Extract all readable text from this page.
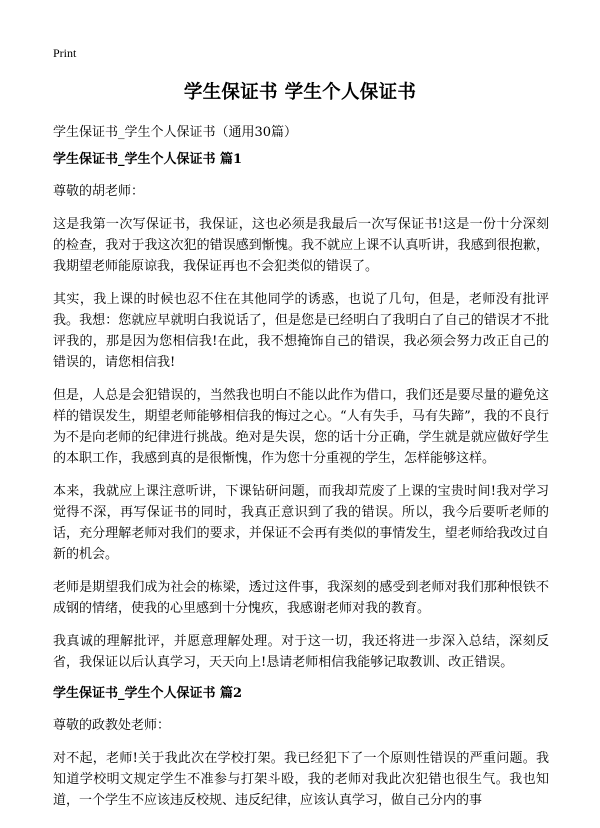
Print
学生保证书 学生个人保证书
学生保证书_学生个人保证书（通用30篇）
学生保证书_学生个人保证书 篇1

尊敬的胡老师：

这是我第一次写保证书，我保证，这也必须是我最后一次写保证书!这是一份十分深刻的检查，我对于我这次犯的错误感到惭愧。我不就应上课不认真听讲，我感到很抱歉，我期望老师能原谅我，我保证再也不会犯类似的错误了。

其实，我上课的时候也忍不住在其他同学的诱惑，也说了几句，但是，老师没有批评我。我想：您就应早就明白我说话了，但是您是已经明白了我明白了自己的错误才不批评我的，那是因为您相信我!在此，我不想掩饰自己的错误，我必须会努力改正自己的错误的，请您相信我!

但是，人总是会犯错误的，当然我也明白不能以此作为借口，我们还是要尽量的避免这样的错误发生，期望老师能够相信我的悔过之心。“人有失手，马有失蹄”，我的不良行为不是向老师的纪律进行挑战。绝对是失误，您的话十分正确，学生就是就应做好学生的本职工作，我感到真的是很惭愧，作为您十分重视的学生，怎样能够这样。

本来，我就应上课注意听讲，下课钻研问题，而我却荒废了上课的宝贵时间!我对学习觉得不深，再写保证书的同时，我真正意识到了我的错误。所以，我今后要听老师的话，充分理解老师对我们的要求，并保证不会再有类似的事情发生，望老师给我改过自新的机会。

老师是期望我们成为社会的栋梁，透过这件事，我深刻的感受到老师对我们那种恨铁不成钢的情绪，使我的心里感到十分愧疚，我感谢老师对我的教育。

我真诚的理解批评，并愿意理解处理。对于这一切，我还将进一步深入总结，深刻反省，我保证以后认真学习，天天向上!恳请老师相信我能够记取教训、改正错误。

学生保证书_学生个人保证书 篇2

尊敬的政教处老师：

对不起，老师!关于我此次在学校打架。我已经犯下了一个原则性错误的严重问题。我知道学校明文规定学生不准参与打架斗殴，我的老师对我此次犯错也很生气。我也知道，一个学生不应该违反校规、违反纪律，应该认真学习，做自己分内的事
